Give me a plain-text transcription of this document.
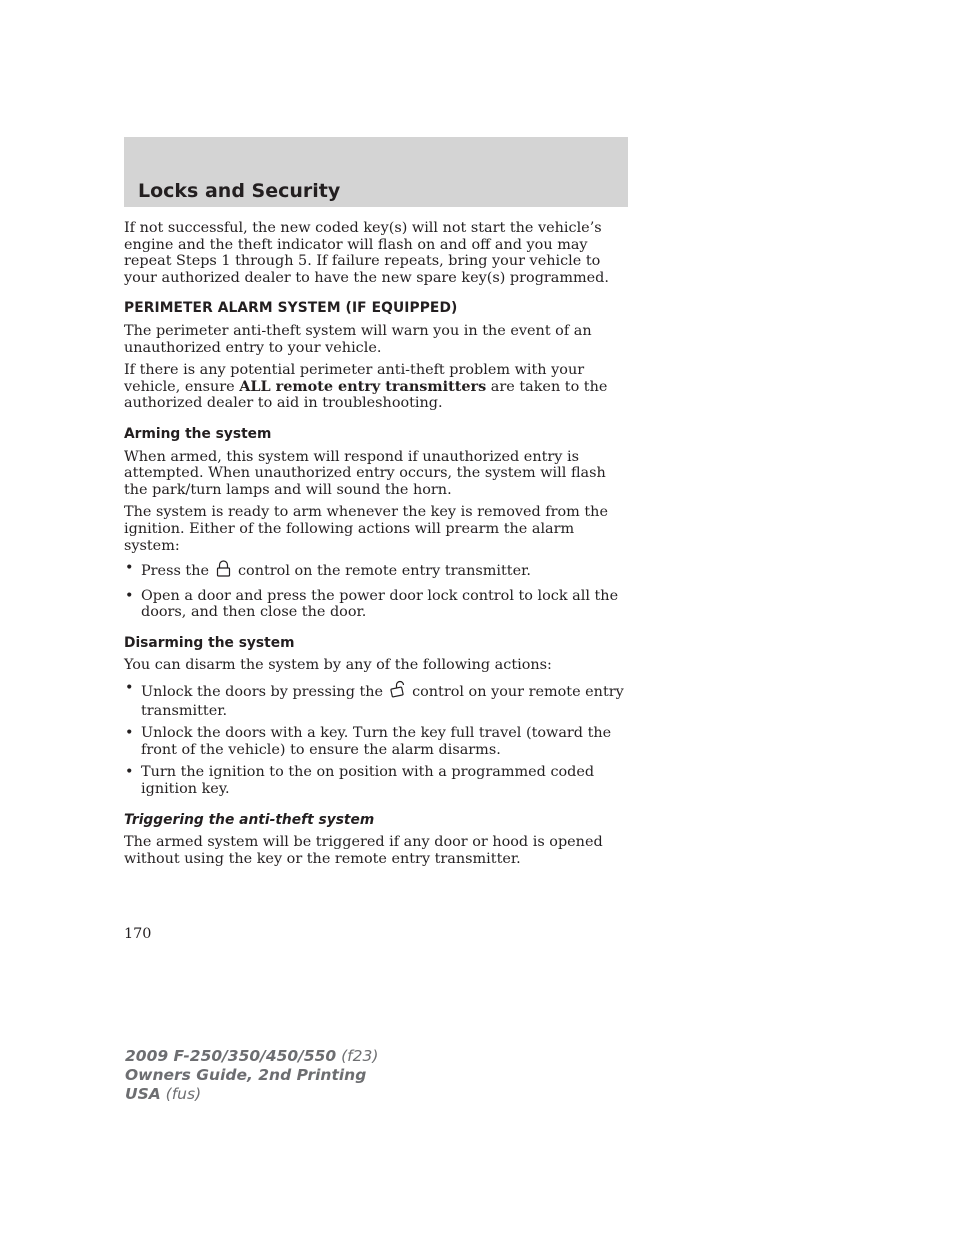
Locks and Security

If not successful, the new coded key(s) will not start the vehicle’s engine and the theft indicator will flash on and off and you may repeat Steps 1 through 5. If failure repeats, bring your vehicle to your authorized dealer to have the new spare key(s) programmed.

PERIMETER ALARM SYSTEM (IF EQUIPPED)

The perimeter anti-theft system will warn you in the event of an unauthorized entry to your vehicle.

If there is any potential perimeter anti-theft problem with your vehicle, ensure ALL remote entry transmitters are taken to the authorized dealer to aid in troubleshooting.

Arming the system

When armed, this system will respond if unauthorized entry is attempted. When unauthorized entry occurs, the system will flash the park/turn lamps and will sound the horn.

The system is ready to arm whenever the key is removed from the ignition. Either of the following actions will prearm the alarm system:

• Press the control on the remote entry transmitter.
• Open a door and press the power door lock control to lock all the doors, and then close the door.
Disarming the system

You can disarm the system by any of the following actions:

• Unlock the doors by pressing the control on your remote entry transmitter.
• Unlock the doors with a key. Turn the key full travel (toward the front of the vehicle) to ensure the alarm disarms.
• Turn the ignition to the on position with a programmed coded ignition key.
Triggering the anti-theft system

The armed system will be triggered if any door or hood is opened without using the key or the remote entry transmitter.

170
2009 F-250/350/450/550 (f23)
Owners Guide, 2nd Printing
USA (fus)
